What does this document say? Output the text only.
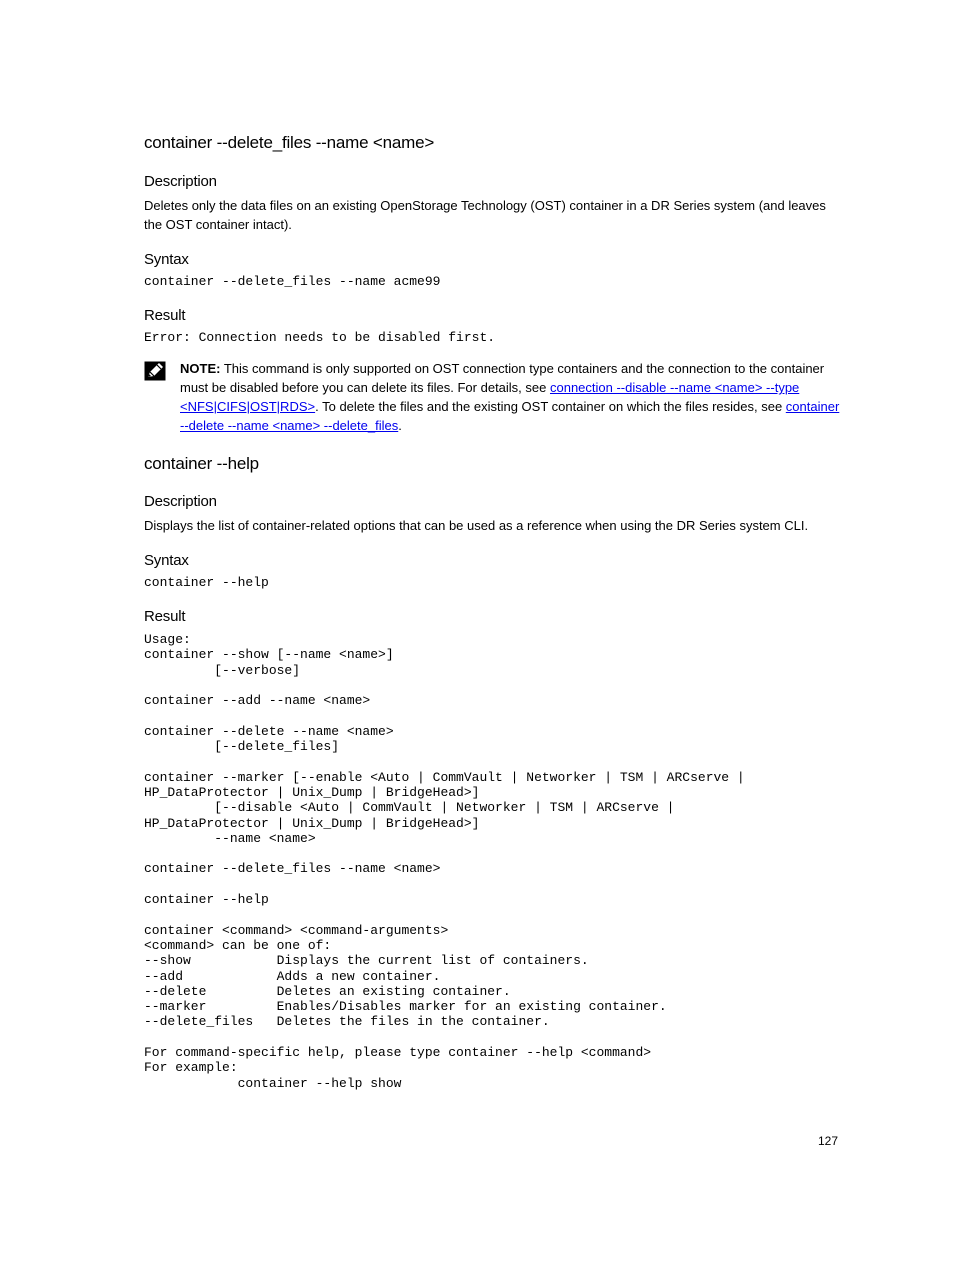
container --delete_files --name <name>
Description
Deletes only the data files on an existing OpenStorage Technology (OST) container in a DR Series system (and leaves the OST container intact).
Syntax
container --delete_files --name acme99
Result
Error: Connection needs to be disabled first.
NOTE: This command is only supported on OST connection type containers and the connection to the container must be disabled before you can delete its files. For details, see connection --disable --name <name> --type <NFS|CIFS|OST|RDS>. To delete the files and the existing OST container on which the files resides, see container --delete --name <name> --delete_files.
container --help
Description
Displays the list of container-related options that can be used as a reference when using the DR Series system CLI.
Syntax
container --help
Result
Usage:
container --show [--name <name>]
[--verbose]

container --add --name <name>

container --delete --name <name>
[--delete_files]

container --marker [--enable <Auto | CommVault | Networker | TSM | ARCserve |
HP_DataProtector | Unix_Dump | BridgeHead>]
[--disable <Auto | CommVault | Networker | TSM | ARCserve |
HP_DataProtector | Unix_Dump | BridgeHead>]
--name <name>

container --delete_files --name <name>

container --help

container <command> <command-arguments>
<command> can be one of:
--show           Displays the current list of containers.
--add            Adds a new container.
--delete         Deletes an existing container.
--marker         Enables/Disables marker for an existing container.
--delete_files   Deletes the files in the container.

For command-specific help, please type container --help <command>
For example:
container --help show
127
